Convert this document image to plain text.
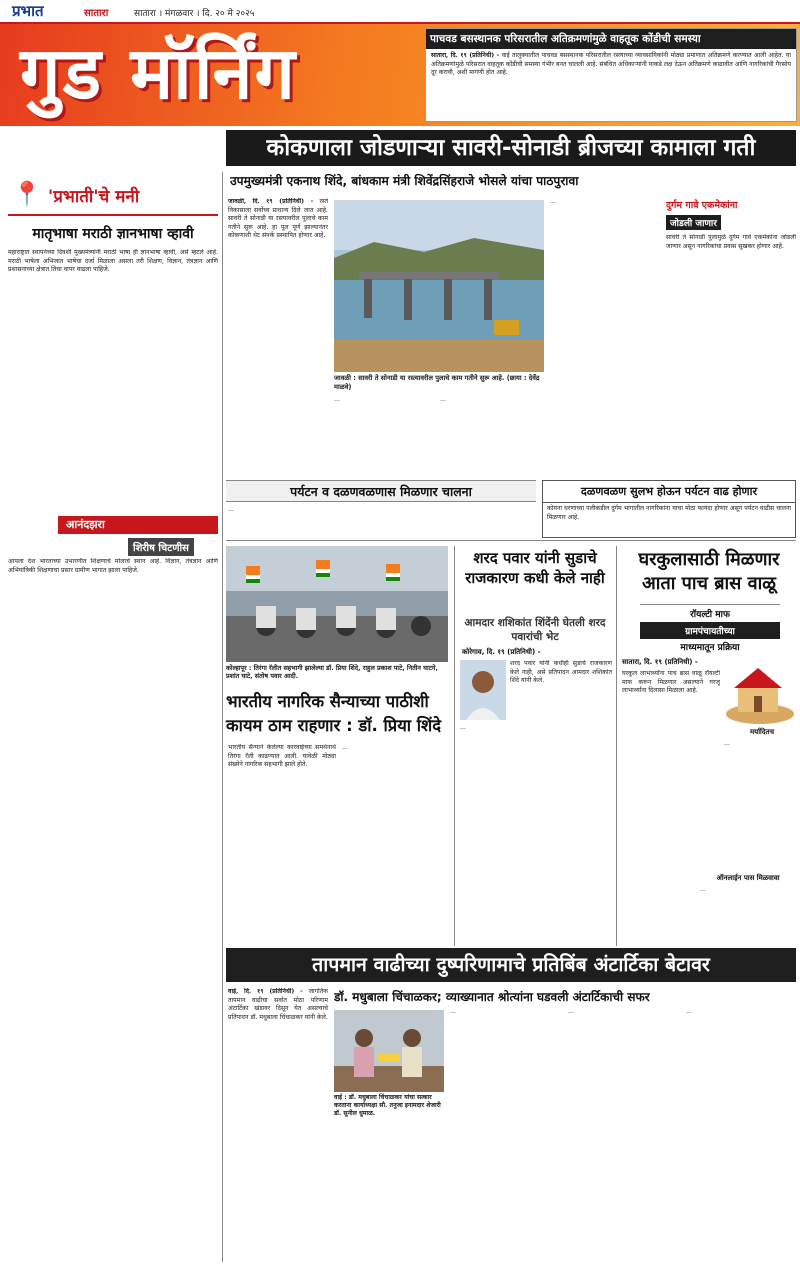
प्रभात	सातारा	सातारा । मंगळवार । दि. २० मे २०२५
गुड मॉर्निंग	पाचवड बसस्थानक परिसरातील अतिक्रमणांमुळे वाहतूक कोंडीची समस्या
सातारा, दि. १९ (प्रतिनिधी) - वाई तालुक्यातील पाचवड बसस्थानक परिसरातील रस्त्याच्या व्यावसायिकांनी मोठ्या प्रमाणात अतिक्रमणे करण्यात आली आहेत. या अतिक्रमणांमुळे परिसरात वाहतूक कोंडीची समस्या गंभीर बनत चालली आहे. संबंधित अधिकाऱ्यांनी याकडे लक्ष देऊन अतिक्रमणे काढावीत आणि नागरिकांची गैरसोय दूर करावी, अशी मागणी होत आहे.
📍 'प्रभाती'चे मनी
मातृभाषा मराठी ज्ञानभाषा व्हावी
महाराष्ट्रात स्थापनेच्या दिवशी मुख्यमंत्र्यांनी मराठी भाषा ही ज्ञानभाषा व्हावी, असे म्हटले आहे. मराठी भाषेला अभिजात भाषेचा दर्जा मिळाला असला तरी शिक्षण, विज्ञान, तंत्रज्ञान आणि प्रशासनाच्या क्षेत्रात तिचा वापर वाढला पाहिजे.
आनंदझरा
शिरीष चिटणीस
आपला देश भारताच्या उभारणीत शिक्षणाचे मोलाचे स्थान आहे. विज्ञान, तंत्रज्ञान आणि अभियांत्रिकी शिक्षणाचा प्रसार ग्रामीण भागात झाला पाहिजे.
कोकणाला जोडणाऱ्या सावरी-सोनाडी ब्रीजच्या कामाला गती
उपमुख्यमंत्री एकनाथ शिंदे, बांधकाम मंत्री शिवेंद्रसिंहराजे भोसले यांचा पाठपुरावा
जावळी, दि. १९ (प्रतिनिधी) - रस्ते विकासाला सर्वोच्च प्राधान्य दिले जात आहे. सावरी ते सोनाडी या रस्त्यावरील पुलाचे काम गतीने सुरू आहे. हा पूल पूर्ण झाल्यानंतर कोकणाशी थेट संपर्क प्रस्थापित होणार आहे.
जावळी : सावरी ते सोनाडी या रस्त्यावरील पुलाचे काम गतीने सुरू आहे. (छाया : देवेंद्र माळवे)
...	...
...	दुर्गम गावे एकमेकांना
जोडली जाणार
सावरी ते सोनाडी पुलामुळे दुर्गम गावे एकमेकांना जोडली जाणार असून नागरिकांचा प्रवास सुखकर होणार आहे.
पर्यटन व दळणवळणास मिळणार चालना
...
दळणवळण सुलभ होऊन पर्यटन वाढ होणार
कोयना धरणाच्या पलीकडील दुर्गम भागातील नागरिकांना याचा मोठा फायदा होणार असून पर्यटन वाढीस चालना मिळणार आहे.
कोल्हापूर : तिरंगा रॅलीत सहभागी झालेल्या डॉ. प्रिया शिंदे, राहुल प्रकाश पाटे, नितीन घाटगे, प्रशांत घाटे, संतोष पवार आदी.
भारतीय नागरिक सैन्याच्या पाठीशी कायम ठाम राहणार : डॉ. प्रिया शिंदे
भारतीय सैन्याने केलेल्या कारवाईच्या समर्थनार्थ तिरंगा रॅली काढण्यात आली. यावेळी मोठ्या संख्येने नागरिक सहभागी झाले होते.
...
शरद पवार यांनी सुडाचे राजकारण कधी केले नाही
आमदार शशिकांत शिंदेंनी घेतली शरद पवारांची भेट
कोरेगाव, दि. १९ (प्रतिनिधी) -
शरद पवार यांनी कधीही सुडाचे राजकारण केले नाही, असे प्रतिपादन आमदार शशिकांत शिंदे यांनी केले.
...
घरकुलासाठी मिळणार आता पाच ब्रास वाळू
रॉयल्टी माफ
ग्रामपंचायतीच्या
माध्यमातून प्रक्रिया
सातारा, दि. १९ (प्रतिनिधी) -
घरकुल लाभार्थ्यांना पाच ब्रास वाळू रॉयल्टी माफ करून मिळणार असल्याने गरजू लाभार्थ्यांना दिलासा मिळाला आहे.
मर्यादितच
...
ऑनलाईन पास मिळवावा
...
तापमान वाढीच्या दुष्परिणामाचे प्रतिबिंब अंटार्टिका बेटावर
डॉ. मधुबाला चिंचाळकर; व्याख्यानात श्रोत्यांना घडवली अंटार्टिकाची सफर
वाई, दि. १९ (प्रतिनिधी) - जागतिक तापमान वाढीचा सर्वात मोठा परिणाम अंटार्टिका खंडावर दिसून येत असल्याचे प्रतिपादन डॉ. मधुबाला चिंचाळकर यांनी केले.
वाई : डॉ. मधुबाला चिंचाळकर यांचा सत्कार करताना कार्याध्यक्षा सौ. तनुजा इनामदार शेजारी डॉ. सुनील धुमाळ.
...	...	...
